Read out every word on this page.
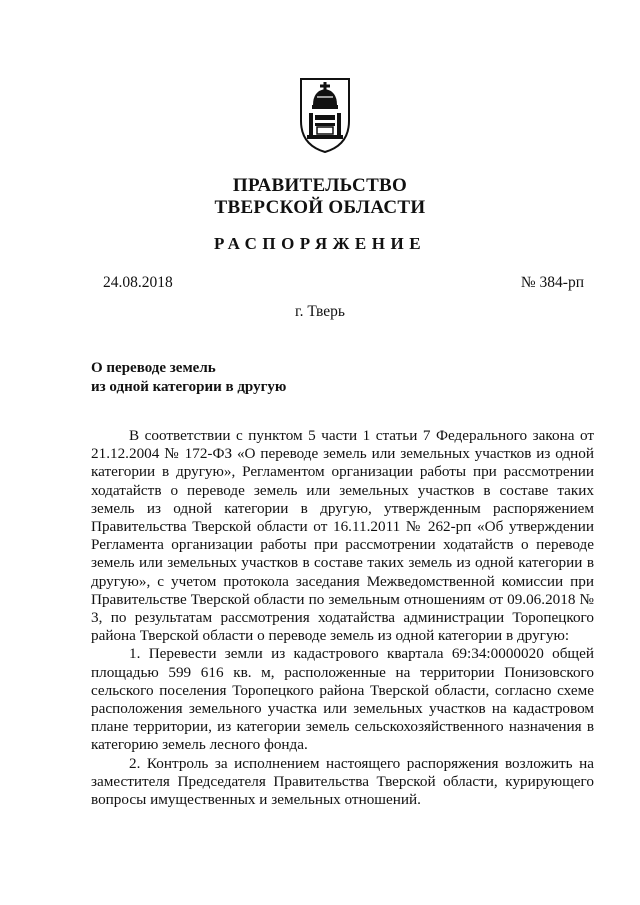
ПРАВИТЕЛЬСТВО
ТВЕРСКОЙ ОБЛАСТИ
РАСПОРЯЖЕНИЕ
24.08.2018	№ 384-рп
г. Тверь
О переводе земель
из одной категории в другую

В соответствии с пунктом 5 части 1 статьи 7 Федерального закона от 21.12.2004 № 172-ФЗ «О переводе земель или земельных участков из одной категории в другую», Регламентом организации работы при рассмотрении ходатайств о переводе земель или земельных участков в составе таких земель из одной категории в другую, утвержденным распоряжением Правительства Тверской области от 16.11.2011 № 262-рп «Об утверждении Регламента организации работы при рассмотрении ходатайств о переводе земель или земельных участков в составе таких земель из одной категории в другую», с учетом протокола заседания Межведомственной комиссии при Правительстве Тверской области по земельным отношениям от 09.06.2018 № 3, по результатам рассмотрения ходатайства администрации Торопецкого района Тверской области о переводе земель из одной категории в другую:

1. Перевести земли из кадастрового квартала 69:34:0000020 общей площадью 599 616 кв. м, расположенные на территории Понизовского сельского поселения Торопецкого района Тверской области, согласно схеме расположения земельного участка или земельных участков на кадастровом плане территории, из категории земель сельскохозяйственного назначения в категорию земель лесного фонда.

2. Контроль за исполнением настоящего распоряжения возложить на заместителя Председателя Правительства Тверской области, курирующего вопросы имущественных и земельных отношений.
